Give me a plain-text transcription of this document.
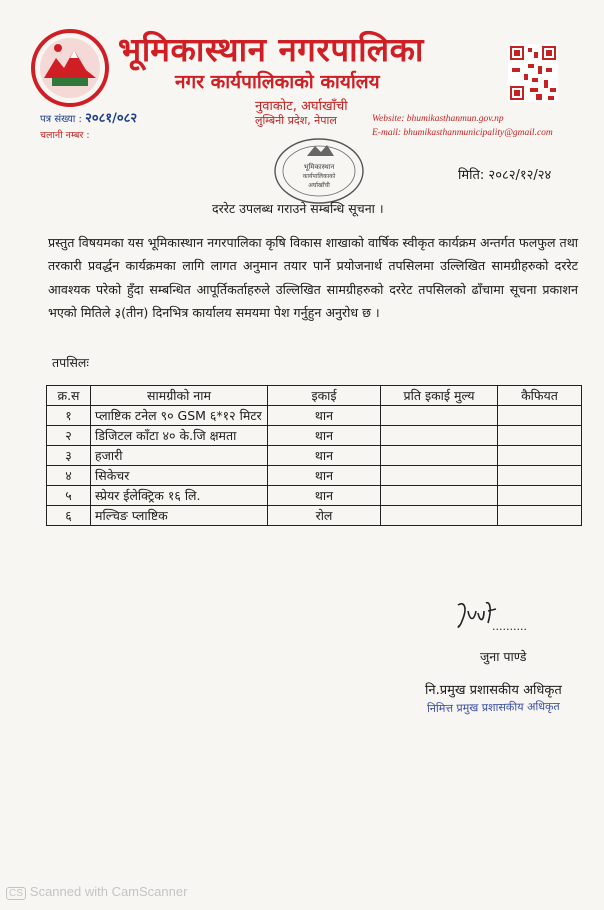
भूमिकास्थान नगरपालिका
नगर कार्यपालिकाको कार्यालय
नुवाकोट, अर्घाखाँची
लुम्बिनी प्रदेश, नेपाल	Website: bhumikasthanmun.gov.np
E-mail: bhumikasthanmunicipality@gmail.com
पत्र संख्या : २०८१/०८२
चलानी नम्बर :
भूमिकास्थान
कार्यपालिकाको
अर्घाखाँची
मिति: २०८२/१२/२४
दररेट उपलब्ध गराउने सम्बन्धि सूचना ।
प्रस्तुत विषयमका यस भूमिकास्थान नगरपालिका कृषि विकास शाखाको वार्षिक स्वीकृत कार्यक्रम अन्तर्गत फलफुल तथा तरकारी प्रवर्द्धन कार्यक्रमका लागि लागत अनुमान तयार पार्ने प्रयोजनार्थ तपसिलमा उल्लिखित सामग्रीहरुको दररेट आवश्यक परेको हुँदा सम्बन्धित आपूर्तिकर्ताहरुले उल्लिखित सामग्रीहरुको दररेट तपसिलको ढाँचामा सूचना प्रकाशन भएको मितिले ३(तीन) दिनभित्र कार्यालय समयमा पेश गर्नुहुन अनुरोध छ ।
तपसिलः
क्र.स	सामग्रीको नाम	इकाई	प्रति इकाई मुल्य	कैफियत
१	प्लाष्टिक टनेल ९० GSM ६*१२ मिटर	थान		
२	डिजिटल काँटा ४० के.जि क्षमता	थान		
३	हजारी	थान		
४	सिकेचर	थान		
५	स्प्रेयर ईलेक्ट्रिक १६ लि.	थान		
६	मल्चिङ प्लाष्टिक	रोल		
..........
जुना पाण्डे
नि.प्रमुख प्रशासकीय अधिकृत
निमित्त प्रमुख प्रशासकीय अधिकृत
CS Scanned with CamScanner
